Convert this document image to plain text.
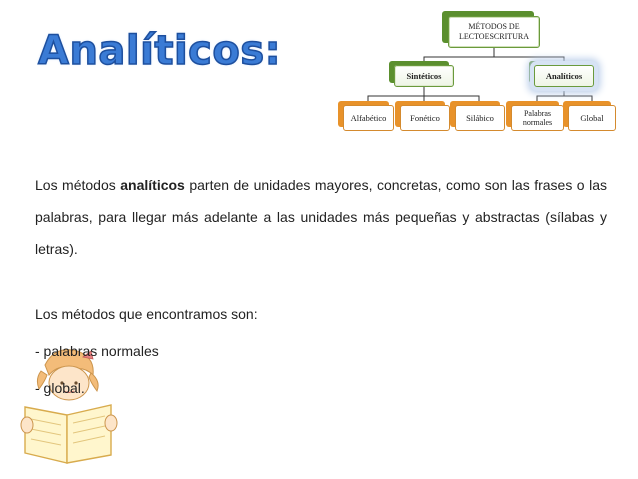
Analíticos:
MÉTODOS DE LECTOESCRITURA
Sintéticos	Analíticos
Alfabético	Fonético	Silábico	Palabras normales	Global
Los métodos analíticos parten de unidades mayores, concretas, como son las frases o las palabras, para llegar más adelante a las unidades más pequeñas y abstractas (sílabas y letras).
Los métodos que encontramos son:
- palabras normales
- global.
